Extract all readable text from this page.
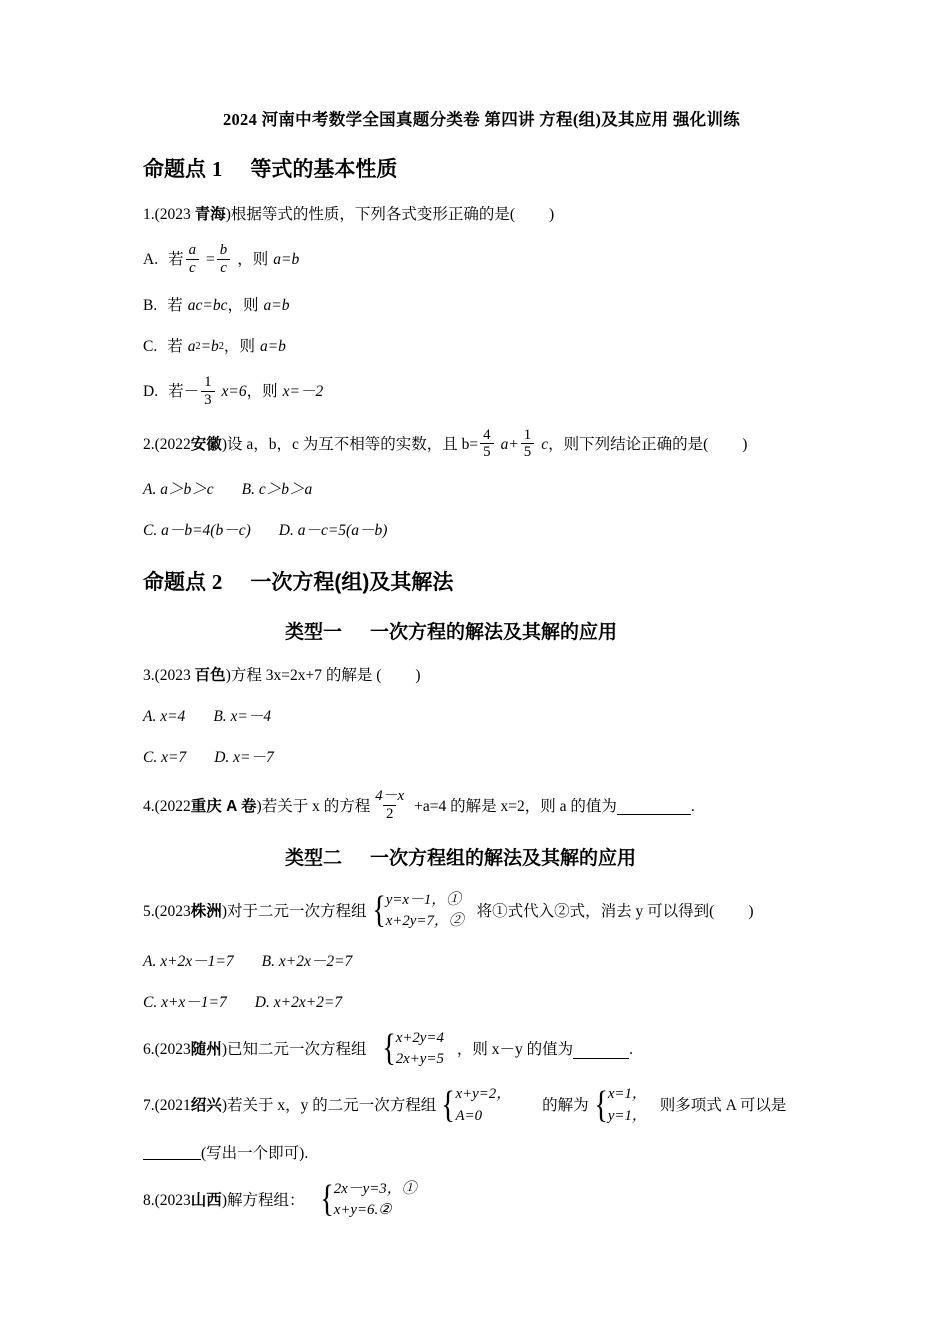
2024 河南中考数学全国真题分类卷 第四讲 方程(组)及其应用 强化训练
命题点 1 等式的基本性质
1.(2023 青海)根据等式的性质，下列各式变形正确的是( )
A. 若 $\frac{a}{c} = \frac{b}{c}$ ， 则 a=b
B. 若 ac=bc ， 则 a=b
C. 若 a 2 =b 2 ， 则 a=b
D. 若－ $\frac{1}{3} x=6$ ， 则 x=－2
2. (2022 安徽 ) 设 a，b，c 为互不相等的实数，且 $b= \frac{4}{5} a+ \frac{1}{5}$ c ，则下列结论正确的是( )
A. a＞b＞c B. c＞b＞a
C. a－b=4(b－c) D. a－c=5(a－b)
命题点 2 一次方程(组)及其解法
类型一 一次方程的解法及其解的应用
3.(2023 百色)方程 3x=2x+7 的解是 ( )
A. x=4 B. x=－4
C. x=7 D. x=－7
4. (2022 重庆 A 卷 ) 若关于 x 的方程 $\frac{4-x}{2} +a=4$ 的解是 x=2，则 a 的值为	.
类型二 一次方程组的解法及其解的应用
5. (2023 株洲 ) 对于二元一次方程组 { y=x－1，①
x+2y=7，②
将①式代入②式，消去 y 可以得到( )
A. x+2x－1=7 B. x+2x－2=7
C. x+x－1=7 D. x+2x+2=7
6. (2023 随州 ) 已知二元一次方程组 { x+2y=4
2x+y=5
，则 x－y 的值为	.
7. (2021 绍兴 ) 若关于 x，y 的二元一次方程组 { x+y=2，
A=0
的解为 { x=1，
y=1，
则多项式 A 可以是
(写出一个即可).
8. (2023 山西 ) 解方程组： { 2x－y=3，①
x+y=6.②
